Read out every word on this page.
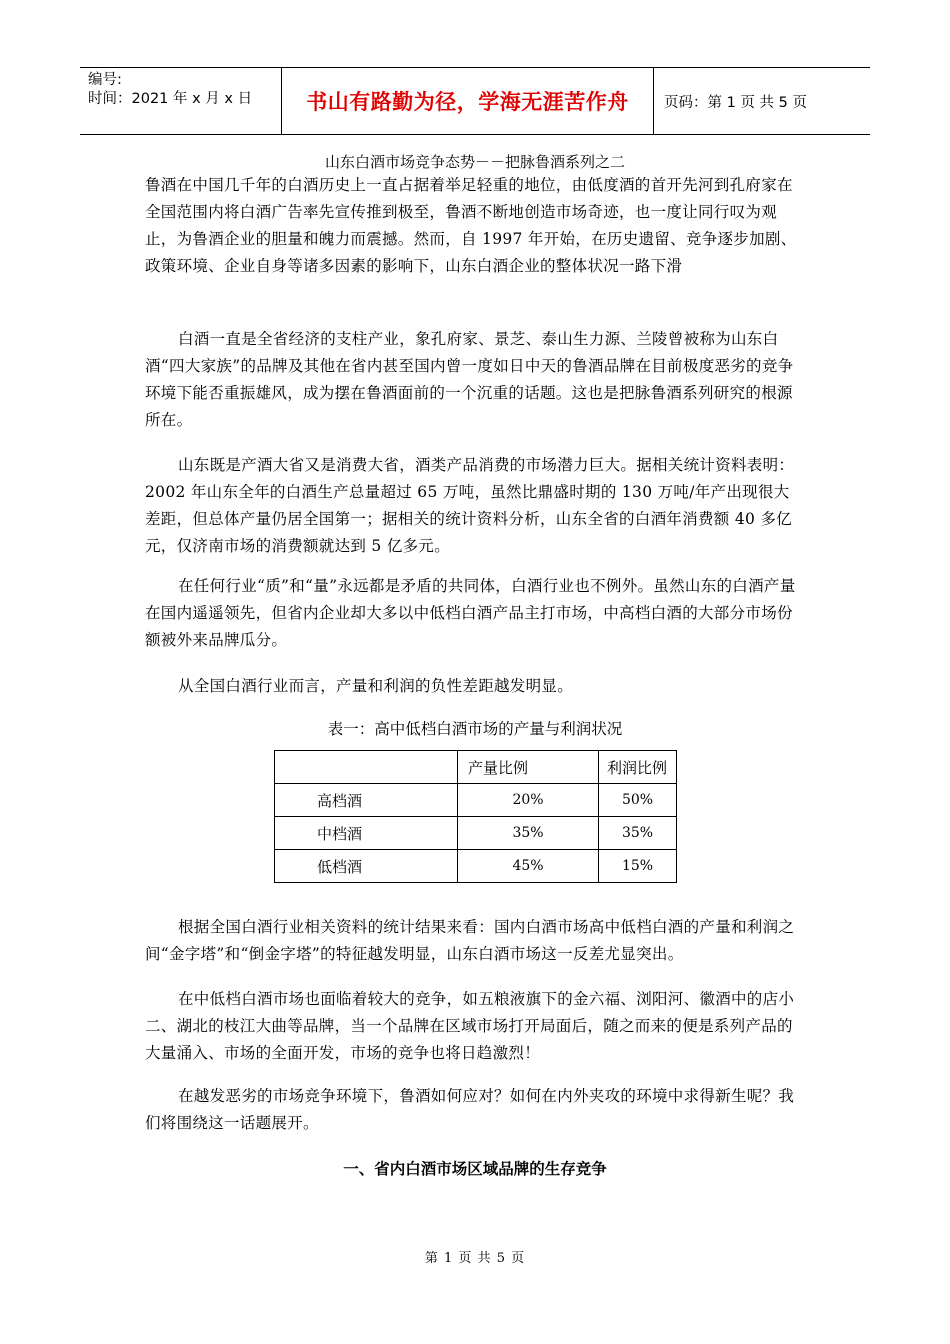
编号:
时间：2021 年 x 月 x 日	书山有路勤为径，学海无涯苦作舟	页码：第 1 页 共 5 页
山东白酒市场竞争态势－－把脉鲁酒系列之二

鲁酒在中国几千年的白酒历史上一直占据着举足轻重的地位，由低度酒的首开先河到孔府家在全国范围内将白酒广告率先宣传推到极至，鲁酒不断地创造市场奇迹，也一度让同行叹为观止，为鲁酒企业的胆量和魄力而震撼。然而，自 1997 年开始，在历史遗留、竞争逐步加剧、政策环境、企业自身等诸多因素的影响下，山东白酒企业的整体状况一路下滑

白酒一直是全省经济的支柱产业，象孔府家、景芝、泰山生力源、兰陵曾被称为山东白酒“四大家族”的品牌及其他在省内甚至国内曾一度如日中天的鲁酒品牌在目前极度恶劣的竞争环境下能否重振雄风，成为摆在鲁酒面前的一个沉重的话题。这也是把脉鲁酒系列研究的根源所在。

山东既是产酒大省又是消费大省，酒类产品消费的市场潜力巨大。据相关统计资料表明：2002 年山东全年的白酒生产总量超过 65 万吨，虽然比鼎盛时期的 130 万吨/年产出现很大差距，但总体产量仍居全国第一；据相关的统计资料分析，山东全省的白酒年消费额 40 多亿元，仅济南市场的消费额就达到 5 亿多元。

在任何行业“质”和“量”永远都是矛盾的共同体，白酒行业也不例外。虽然山东的白酒产量在国内遥遥领先，但省内企业却大多以中低档白酒产品主打市场，中高档白酒的大部分市场份额被外来品牌瓜分。

从全国白酒行业而言，产量和利润的负性差距越发明显。

表一：高中低档白酒市场的产量与利润状况
	产量比例	利润比例
高档酒	20%	50%
中档酒	35%	35%
低档酒	45%	15%

根据全国白酒行业相关资料的统计结果来看：国内白酒市场高中低档白酒的产量和利润之间“金字塔”和“倒金字塔”的特征越发明显，山东白酒市场这一反差尤显突出。

在中低档白酒市场也面临着较大的竞争，如五粮液旗下的金六福、浏阳河、徽酒中的店小二、湖北的枝江大曲等品牌，当一个品牌在区域市场打开局面后，随之而来的便是系列产品的大量涌入、市场的全面开发，市场的竞争也将日趋激烈！

在越发恶劣的市场竞争环境下，鲁酒如何应对？如何在内外夹攻的环境中求得新生呢？我们将围绕这一话题展开。

一、省内白酒市场区域品牌的生存竞争
第 1 页 共 5 页
